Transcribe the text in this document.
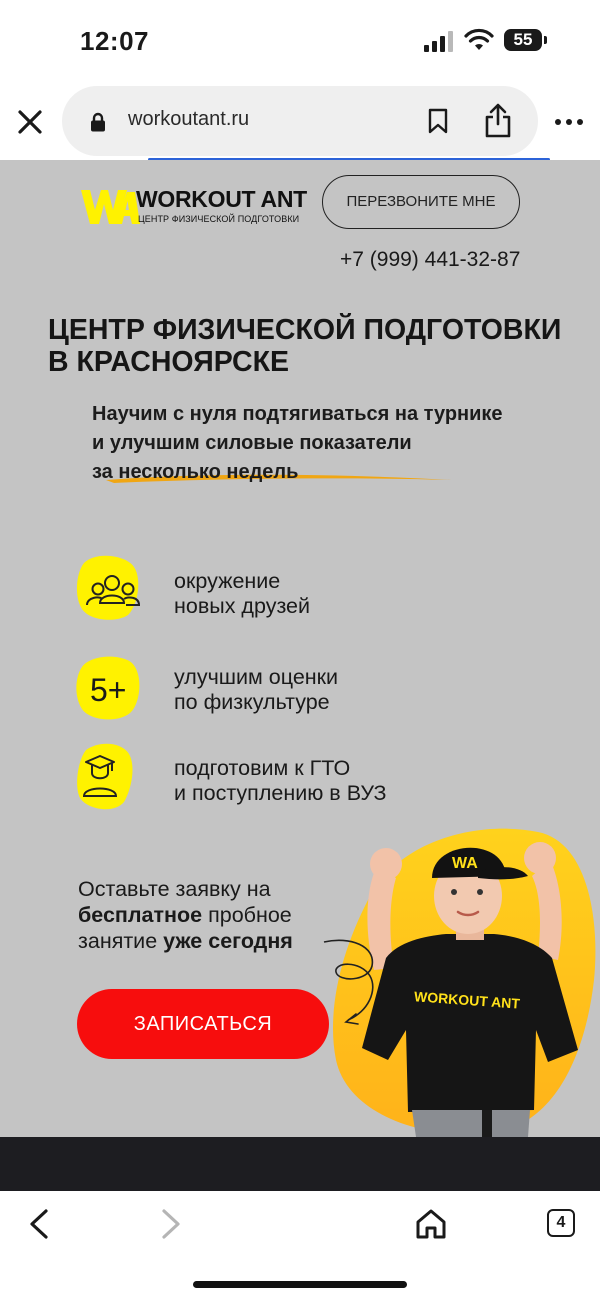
12:07	55
workoutant.ru
WORKOUT ANT
ЦЕНТР ФИЗИЧЕСКОЙ ПОДГОТОВКИ
ПЕРЕЗВОНИТЕ МНЕ
+7 (999) 441-32-87
ЦЕНТР ФИЗИЧЕСКОЙ ПОДГОТОВКИ
В КРАСНОЯРСКЕ
Научим с нуля подтягиваться на турнике
и улучшим силовые показатели
за несколько недель
окружение
новых друзей
5+ улучшим оценки
по физкультуре
подготовим к ГТО
и поступлению в ВУЗ
WORKOUT ANT
WA
Оставьте заявку на
бесплатное пробное
занятие уже сегодня
ЗАПИСАТЬСЯ
4
